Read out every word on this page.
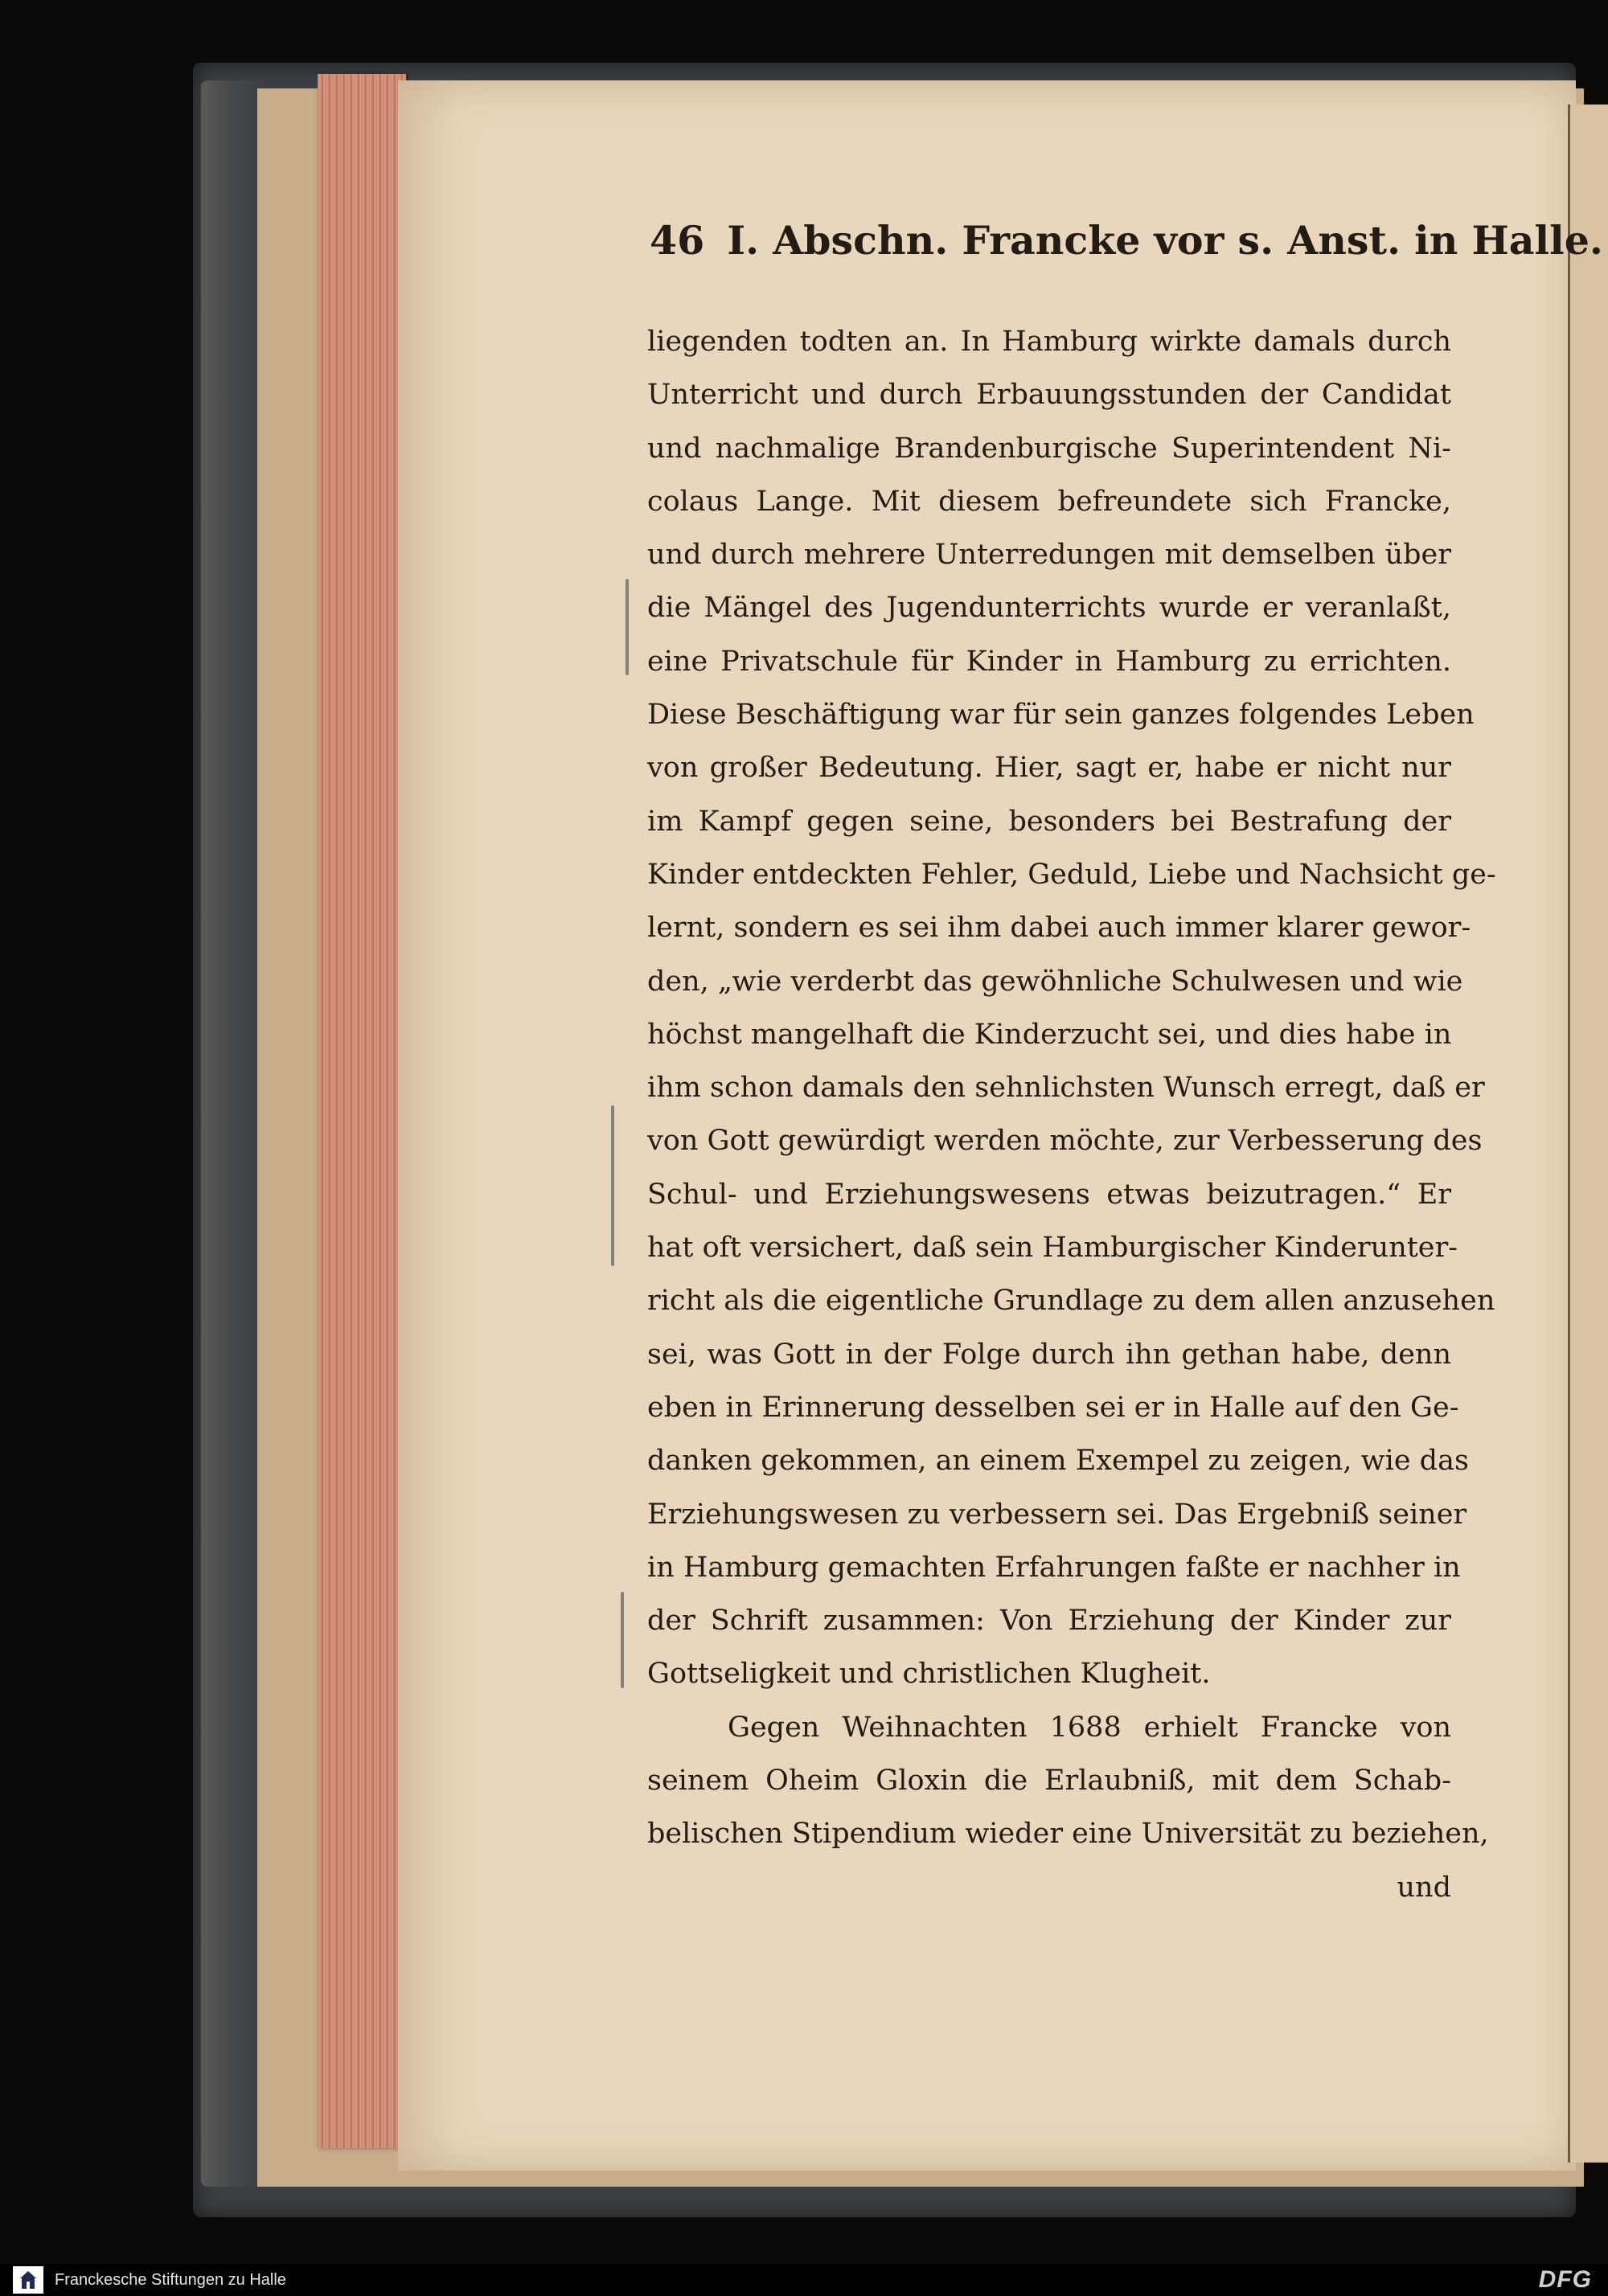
46 I. Abschn. Francke vor s. Anst. in Halle.
liegenden todten an. In Hamburg wirkte damals durch
Unterricht und durch Erbauungsstunden der Candidat
und nachmalige Brandenburgische Superintendent Ni-
colaus Lange. Mit diesem befreundete sich Francke,
und durch mehrere Unterredungen mit demselben über
die Mängel des Jugendunterrichts wurde er veranlaßt,
eine Privatschule für Kinder in Hamburg zu errichten.
Diese Beschäftigung war für sein ganzes folgendes Leben
von großer Bedeutung. Hier, sagt er, habe er nicht nur
im Kampf gegen seine, besonders bei Bestrafung der
Kinder entdeckten Fehler, Geduld, Liebe und Nachsicht ge-
lernt, sondern es sei ihm dabei auch immer klarer gewor-
den, „wie verderbt das gewöhnliche Schulwesen und wie
höchst mangelhaft die Kinderzucht sei, und dies habe in
ihm schon damals den sehnlichsten Wunsch erregt, daß er
von Gott gewürdigt werden möchte, zur Verbesserung des
Schul- und Erziehungswesens etwas beizutragen.“ Er
hat oft versichert, daß sein Hamburgischer Kinderunter-
richt als die eigentliche Grundlage zu dem allen anzusehen
sei, was Gott in der Folge durch ihn gethan habe, denn
eben in Erinnerung desselben sei er in Halle auf den Ge-
danken gekommen, an einem Exempel zu zeigen, wie das
Erziehungswesen zu verbessern sei. Das Ergebniß seiner
in Hamburg gemachten Erfahrungen faßte er nachher in
der Schrift zusammen: Von Erziehung der Kinder zur
Gottseligkeit und christlichen Klugheit.
Gegen Weihnachten 1688 erhielt Francke von
seinem Oheim Gloxin die Erlaubniß, mit dem Schab-
belischen Stipendium wieder eine Universität zu beziehen,
und
Franckesche Stiftungen zu Halle	DFG
